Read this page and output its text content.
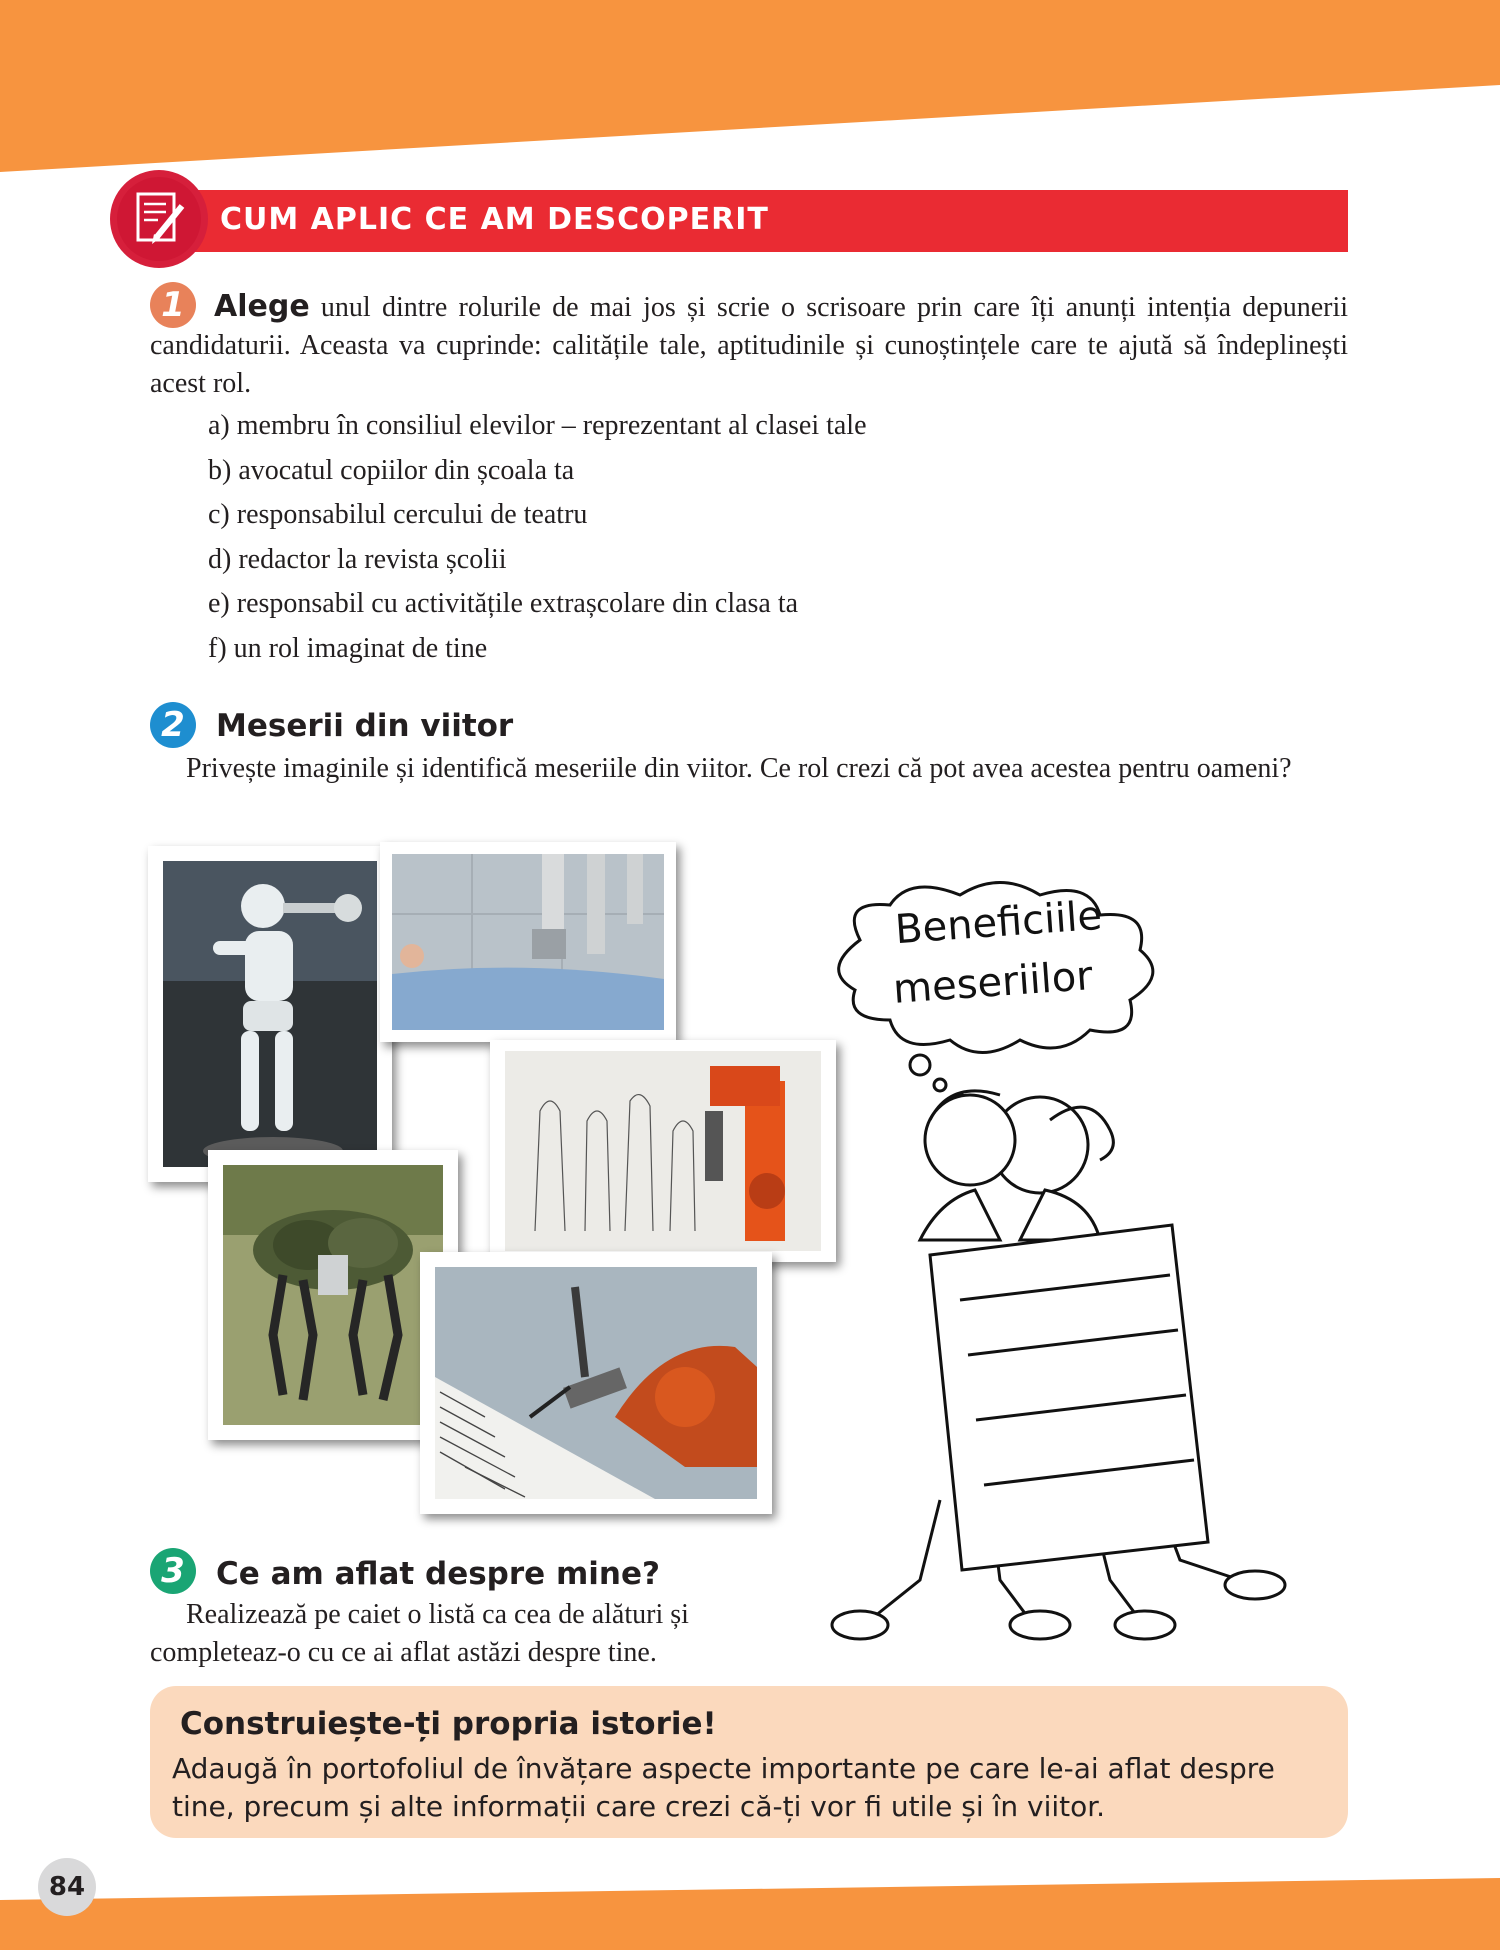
CUM APLIC CE AM DESCOPERIT
1 Alege unul dintre rolurile de mai jos și scrie o scrisoare prin care îți anunți intenția depunerii candidaturii. Aceasta va cuprinde: calitățile tale, aptitudinile și cunoștințele care te ajută să îndeplinești acest rol.
a) membru în consiliul elevilor – reprezentant al clasei tale
b) avocatul copiilor din școala ta
c) responsabilul cercului de teatru
d) redactor la revista școlii
e) responsabil cu activitățile extrașcolare din clasa ta
f) un rol imaginat de tine
2	Meserii din viitor
Privește imaginile și identifică meseriile din viitor. Ce rol crezi că pot avea acestea pentru oameni?
Beneficiile
meseriilor
3	Ce am aflat despre mine?
Realizează pe caiet o listă ca cea de alături și completeaz-o cu ce ai aflat astăzi despre tine.
Construiește-ți propria istorie!
Adaugă în portofoliul de învățare aspecte importante pe care le-ai aflat despre tine, precum și alte informații care crezi că-ți vor fi utile și în viitor.
84
